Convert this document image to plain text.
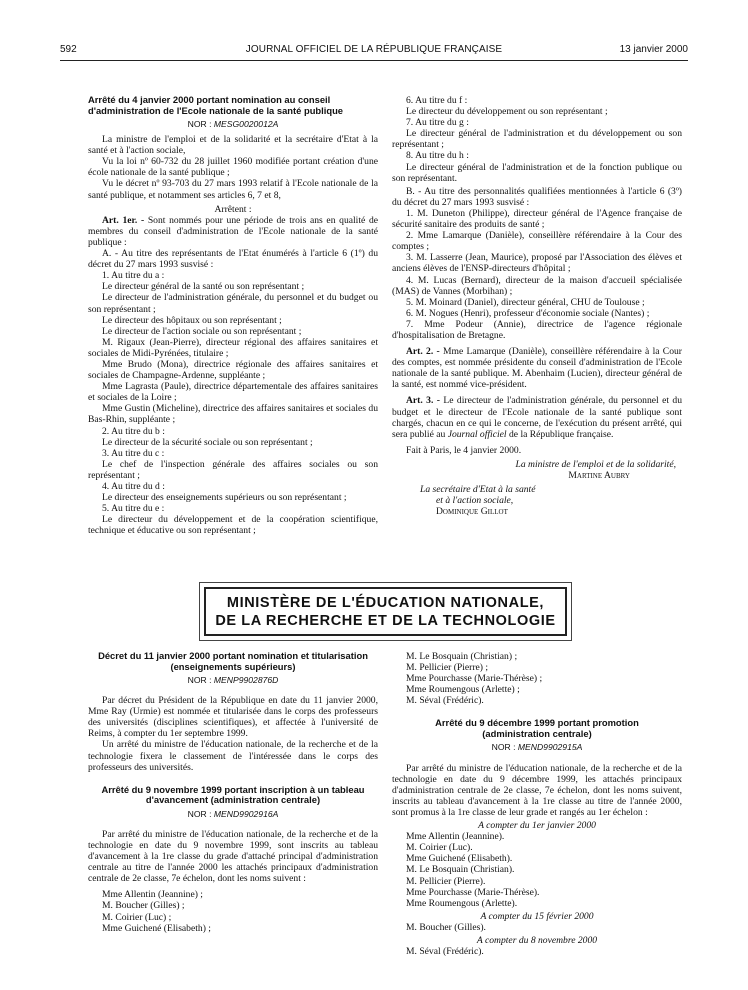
592	JOURNAL OFFICIEL DE LA RÉPUBLIQUE FRANÇAISE	13 janvier 2000
Arrêté du 4 janvier 2000 portant nomination au conseil d'administration de l'Ecole nationale de la santé publique
NOR : MESG0020012A

La ministre de l'emploi et de la solidarité et la secrétaire d'Etat à la santé et à l'action sociale,

Vu la loi nº 60-732 du 28 juillet 1960 modifiée portant création d'une école nationale de la santé publique ;

Vu le décret nº 93-703 du 27 mars 1993 relatif à l'Ecole nationale de la santé publique, et notamment ses articles 6, 7 et 8,

Arrêtent :

Art. 1er. - Sont nommés pour une période de trois ans en qualité de membres du conseil d'administration de l'Ecole nationale de la santé publique :

A. - Au titre des représentants de l'Etat énumérés à l'article 6 (1º) du décret du 27 mars 1993 susvisé :

1. Au titre du a :

Le directeur général de la santé ou son représentant ;

Le directeur de l'administration générale, du personnel et du budget ou son représentant ;

Le directeur des hôpitaux ou son représentant ;

Le directeur de l'action sociale ou son représentant ;

M. Rigaux (Jean-Pierre), directeur régional des affaires sanitaires et sociales de Midi-Pyrénées, titulaire ;

Mme Brudo (Mona), directrice régionale des affaires sanitaires et sociales de Champagne-Ardenne, suppléante ;

Mme Lagrasta (Paule), directrice départementale des affaires sanitaires et sociales de la Loire ;

Mme Gustin (Micheline), directrice des affaires sanitaires et sociales du Bas-Rhin, suppléante ;

2. Au titre du b :

Le directeur de la sécurité sociale ou son représentant ;

3. Au titre du c :

Le chef de l'inspection générale des affaires sociales ou son représentant ;

4. Au titre du d :

Le directeur des enseignements supérieurs ou son représentant ;

5. Au titre du e :

Le directeur du développement et de la coopération scientifique, technique et éducative ou son représentant ;

6. Au titre du f :

Le directeur du développement ou son représentant ;

7. Au titre du g :

Le directeur général de l'administration et du développement ou son représentant ;

8. Au titre du h :

Le directeur général de l'administration et de la fonction publique ou son représentant.

B. - Au titre des personnalités qualifiées mentionnées à l'article 6 (3º) du décret du 27 mars 1993 susvisé :

1. M. Duneton (Philippe), directeur général de l'Agence française de sécurité sanitaire des produits de santé ;

2. Mme Lamarque (Danièle), conseillère référendaire à la Cour des comptes ;

3. M. Lasserre (Jean, Maurice), proposé par l'Association des élèves et anciens élèves de l'ENSP-directeurs d'hôpital ;

4. M. Lucas (Bernard), directeur de la maison d'accueil spécialisée (MAS) de Vannes (Morbihan) ;

5. M. Moinard (Daniel), directeur général, CHU de Toulouse ;

6. M. Nogues (Henri), professeur d'économie sociale (Nantes) ;

7. Mme Podeur (Annie), directrice de l'agence régionale d'hospitalisation de Bretagne.

Art. 2. - Mme Lamarque (Danièle), conseillère référendaire à la Cour des comptes, est nommée présidente du conseil d'administration de l'Ecole nationale de la santé publique. M. Abenhaim (Lucien), directeur général de la santé, est nommé vice-président.

Art. 3. - Le directeur de l'administration générale, du personnel et du budget et le directeur de l'Ecole nationale de la santé publique sont chargés, chacun en ce qui le concerne, de l'exécution du présent arrêté, qui sera publié au Journal officiel de la République française.

Fait à Paris, le 4 janvier 2000.

La ministre de l'emploi et de la solidarité,

Martine Aubry

La secrétaire d'Etat à la santé

et à l'action sociale,

Dominique Gillot

MINISTÈRE DE L'ÉDUCATION NATIONALE,
DE LA RECHERCHE ET DE LA TECHNOLOGIE
Décret du 11 janvier 2000 portant nomination et titularisation (enseignements supérieurs)
NOR : MENP9902876D

Par décret du Président de la République en date du 11 janvier 2000, Mme Ray (Urmie) est nommée et titularisée dans le corps des professeurs des universités (disciplines scientifiques), et affectée à l'université de Reims, à compter du 1er septembre 1999.

Un arrêté du ministre de l'éducation nationale, de la recherche et de la technologie fixera le classement de l'intéressée dans le corps des professeurs des universités.

Arrêté du 9 novembre 1999 portant inscription à un tableau d'avancement (administration centrale)
NOR : MEND9902916A

Par arrêté du ministre de l'éducation nationale, de la recherche et de la technologie en date du 9 novembre 1999, sont inscrits au tableau d'avancement à la 1re classe du grade d'attaché principal d'administration centrale au titre de l'année 2000 les attachés principaux d'administration centrale de 2e classe, 7e échelon, dont les noms suivent :

Mme Allentin (Jeannine) ;

M. Boucher (Gilles) ;

M. Coirier (Luc) ;

Mme Guichené (Elisabeth) ;

M. Le Bosquain (Christian) ;

M. Pellicier (Pierre) ;

Mme Pourchasse (Marie-Thérèse) ;

Mme Roumengous (Arlette) ;

M. Séval (Frédéric).

Arrêté du 9 décembre 1999 portant promotion (administration centrale)
NOR : MEND9902915A

Par arrêté du ministre de l'éducation nationale, de la recherche et de la technologie en date du 9 décembre 1999, les attachés principaux d'administration centrale de 2e classe, 7e échelon, dont les noms suivent, inscrits au tableau d'avancement à la 1re classe au titre de l'année 2000, sont promus à la 1re classe de leur grade et rangés au 1er échelon :

A compter du 1er janvier 2000

Mme Allentin (Jeannine).

M. Coirier (Luc).

Mme Guichené (Elisabeth).

M. Le Bosquain (Christian).

M. Pellicier (Pierre).

Mme Pourchasse (Marie-Thérèse).

Mme Roumengous (Arlette).

A compter du 15 février 2000

M. Boucher (Gilles).

A compter du 8 novembre 2000

M. Séval (Frédéric).
